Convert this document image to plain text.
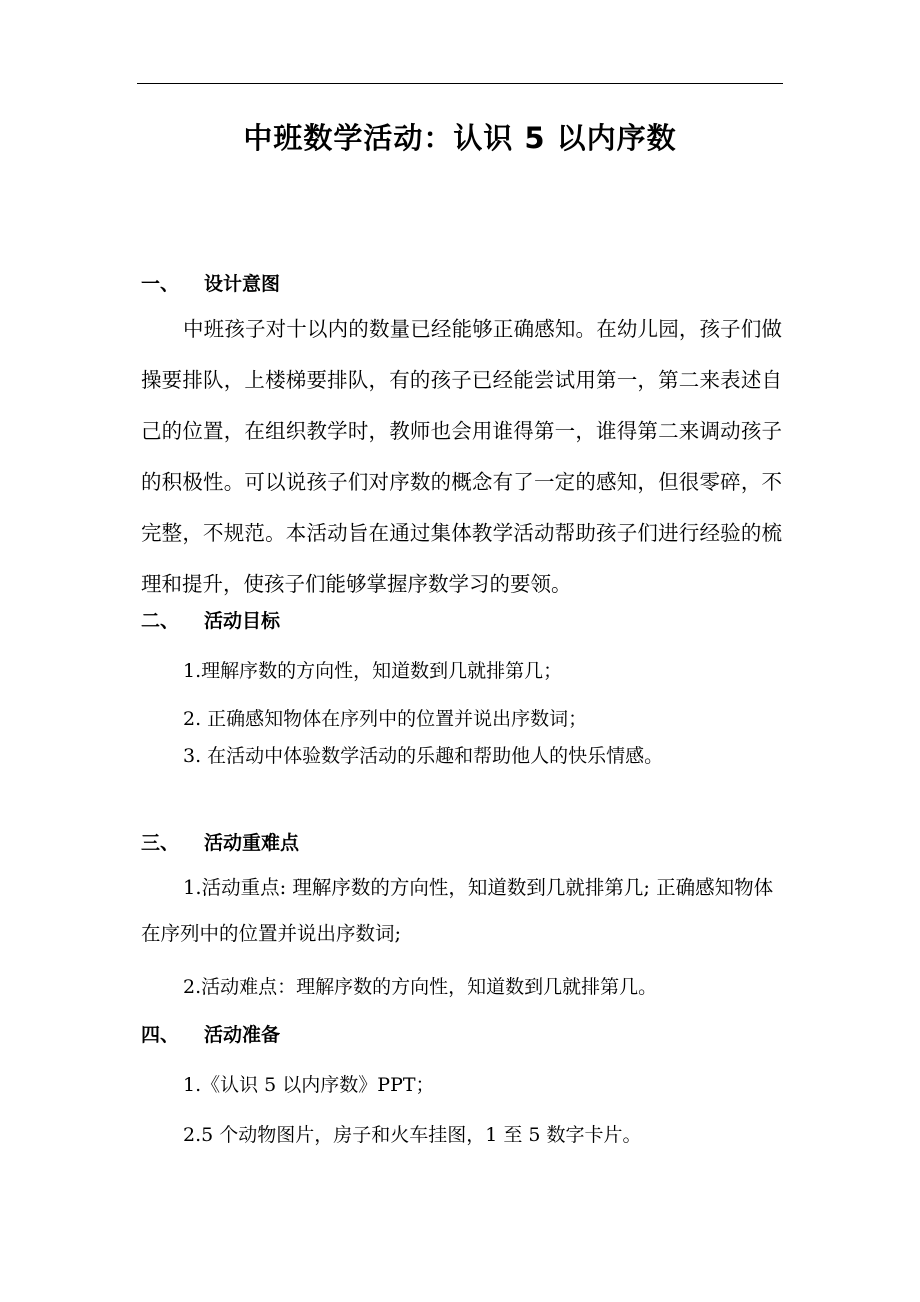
中班数学活动：认识 5 以内序数
一、 设计意图

中班孩子对十以内的数量已经能够正确感知。在幼儿园，孩子们做操要排队，上楼梯要排队，有的孩子已经能尝试用第一，第二来表述自己的位置，在组织教学时，教师也会用谁得第一，谁得第二来调动孩子的积极性。可以说孩子们对序数的概念有了一定的感知，但很零碎，不完整，不规范。本活动旨在通过集体教学活动帮助孩子们进行经验的梳理和提升，使孩子们能够掌握序数学习的要领。

二、 活动目标
1.理解序数的方向性，知道数到几就排第几；
2. 正确感知物体在序列中的位置并说出序数词；
3. 在活动中体验数学活动的乐趣和帮助他人的快乐情感。
三、 活动重难点

1.活动重点: 理解序数的方向性，知道数到几就排第几; 正确感知物体在序列中的位置并说出序数词;

2.活动难点：理解序数的方向性，知道数到几就排第几。
四、 活动准备
1.《认识 5 以内序数》PPT；
2.5 个动物图片，房子和火车挂图，1 至 5 数字卡片。
